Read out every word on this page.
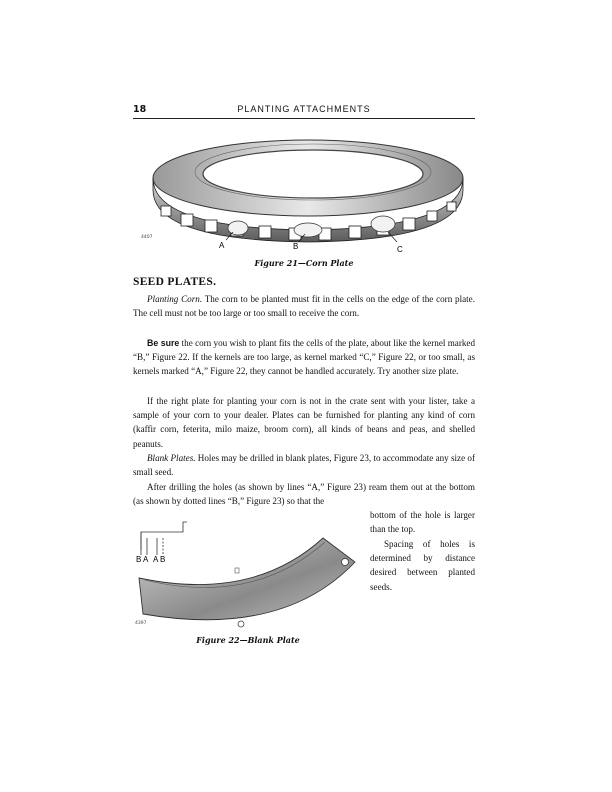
18	PLANTING ATTACHMENTS
A	B	C
4407
Figure 21—Corn Plate
SEED PLATES.

Planting Corn. The corn to be planted must fit in the cells on the edge of the corn plate. The cell must not be too large or too small to receive the corn.

Be sure the corn you wish to plant fits the cells of the plate, about like the kernel marked “B,” Figure 22. If the kernels are too large, as kernel marked “C,” Figure 22, or too small, as kernels marked “A,” Figure 22, they cannot be handled accurately. Try another size plate.

If the right plate for planting your corn is not in the crate sent with your lister, take a sample of your corn to your dealer. Plates can be furnished for planting any kind of corn (kaffir corn, feterita, milo maize, broom corn), all kinds of beans and peas, and shelled peanuts.

Blank Plates. Holes may be drilled in blank plates, Figure 23, to accommodate any size of small seed.

After drilling the holes (as shown by lines “A,” Figure 23) ream them out at the bottom (as shown by dotted lines “B,” Figure 23) so that the

bottom of the hole is larger than the top.

Spacing of holes is determined by distance desired between planted seeds.

B A A B
4397
Figure 22—Blank Plate
